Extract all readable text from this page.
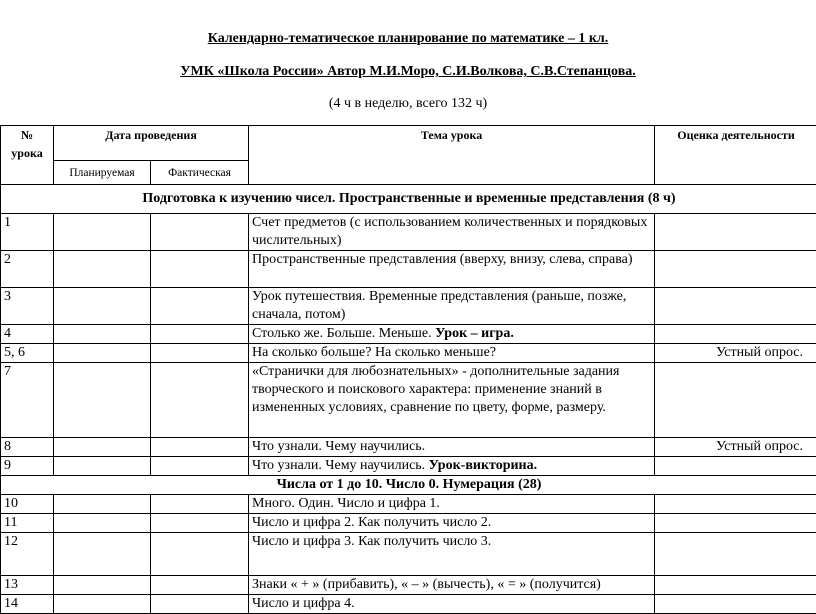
Календарно-тематическое планирование по математике – 1 кл.
УМК «Школа России» Автор М.И.Моро, С.И.Волкова, С.В.Степанцова.
(4 ч в неделю, всего 132 ч)
№ урока	Дата проведения		Тема урока	Оценка деятельности
	Планируемая	Фактическая		
Подготовка к изучению чисел. Пространственные и временные представления (8 ч)				
1			Счет предметов (с использованием количественных и порядковых числительных)	
2			Пространственные представления (вверху, внизу, слева, справа)	
3			Урок путешествия. Временные представления (раньше, позже, сначала, потом)	
4			Столько же. Больше. Меньше. Урок – игра.	
5, 6			На сколько больше? На сколько меньше?	Устный опрос.
7			«Странички для любознательных» - дополнительные задания творческого и поискового характера: применение знаний в измененных условиях, сравнение по цвету, форме, размеру.	
8			Что узнали. Чему научились.	Устный опрос.
9			Что узнали. Чему научились. Урок-викторина.	
Числа от 1 до 10. Число 0. Нумерация (28)				
10			Много. Один. Число и цифра 1.	
11			Число и цифра 2. Как получить число 2.	
12			Число и цифра 3. Как получить число 3.	
13			Знаки « + » (прибавить), « – » (вычесть), « = » (получится)	
14			Число и цифра 4.	
